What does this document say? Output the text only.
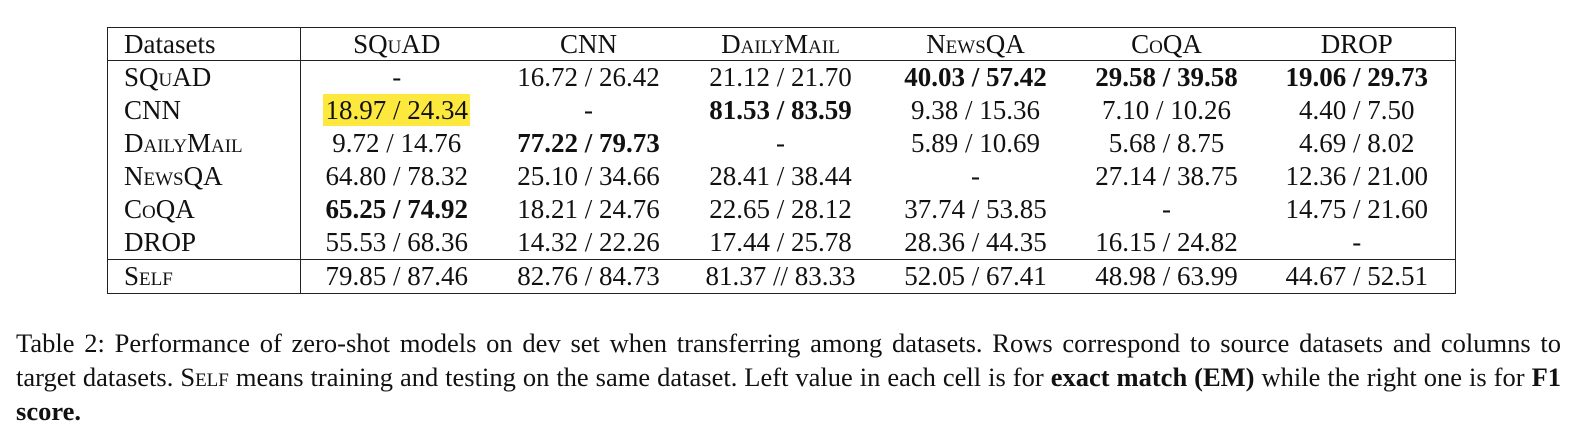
Datasets	SQuAD	CNN	DailyMail	NewsQA	CoQA	DROP
SQuAD	-	16.72 / 26.42	21.12 / 21.70	40.03 / 57.42	29.58 / 39.58	19.06 / 29.73
CNN	18.97 / 24.34	-	81.53 / 83.59	9.38 / 15.36	7.10 / 10.26	4.40 / 7.50
DailyMail	9.72 / 14.76	77.22 / 79.73	-	5.89 / 10.69	5.68 / 8.75	4.69 / 8.02
NewsQA	64.80 / 78.32	25.10 / 34.66	28.41 / 38.44	-	27.14 / 38.75	12.36 / 21.00
CoQA	65.25 / 74.92	18.21 / 24.76	22.65 / 28.12	37.74 / 53.85	-	14.75 / 21.60
DROP	55.53 / 68.36	14.32 / 22.26	17.44 / 25.78	28.36 / 44.35	16.15 / 24.82	-
Self	79.85 / 87.46	82.76 / 84.73	81.37 // 83.33	52.05 / 67.41	48.98 / 63.99	44.67 / 52.51
Table 2: Performance of zero-shot models on dev set when transferring among datasets. Rows correspond to source datasets and columns to target datasets. Self means training and testing on the same dataset. Left value in each cell is for exact match (EM) while the right one is for F1 score.
